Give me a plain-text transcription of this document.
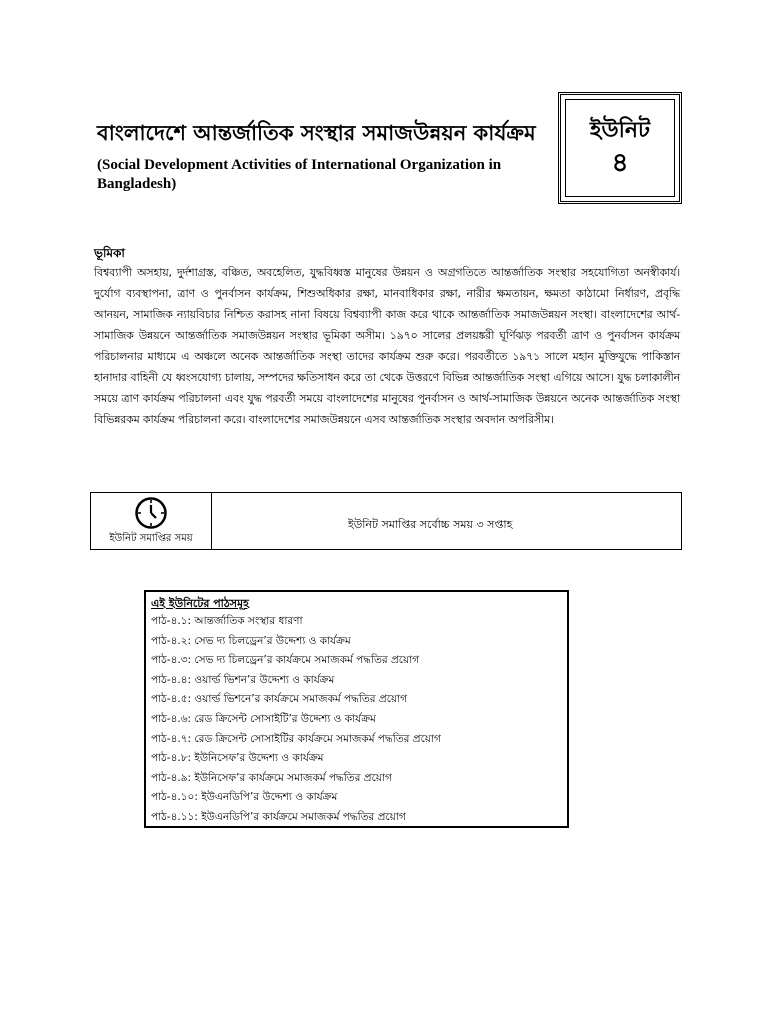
বাংলাদেশে আন্তর্জাতিক সংস্থার সমাজউন্নয়ন কার্যক্রম
(Social Development Activities of International Organization in Bangladesh)
ইউনিট
৪
ভূমিকা
বিশ্বব্যাপী অসহায়, দুর্দশাগ্রস্ত, বঞ্চিত, অবহেলিত, যুদ্ধবিধ্বস্ত মানুষের উন্নয়ন ও অগ্রগতিতে আন্তর্জাতিক সংস্থার সহযোগিতা অনস্বীকার্য। দুর্যোগ ব্যবস্থাপনা, ত্রাণ ও পুনর্বাসন কার্যক্রম, শিশুঅধিকার রক্ষা, মানবাধিকার রক্ষা, নারীর ক্ষমতায়ন, ক্ষমতা কাঠামো নির্ধারণ, প্রবৃদ্ধি আনয়ন, সামাজিক ন্যায়বিচার নিশ্চিত করাসহ নানা বিষয়ে বিশ্বব্যাপী কাজ করে থাকে আন্তর্জাতিক সমাজউন্নয়ন সংস্থা। বাংলাদেশের আর্থ-সামাজিক উন্নয়নে আন্তর্জাতিক সমাজউন্নয়ন সংস্থার ভূমিকা অসীম। ১৯৭০ সালের প্রলয়ঙ্করী ঘূর্ণিঝড় পরবর্তী ত্রাণ ও পুনর্বাসন কার্যক্রম পরিচালনার মাধ্যমে এ অঞ্চলে অনেক আন্তর্জাতিক সংস্থা তাদের কার্যক্রম শুরু করে। পরবর্তীতে ১৯৭১ সালে মহান মুক্তিযুদ্ধে পাকিস্তান হানাদার বাহিনী যে ধ্বংসযোগ্য চালায়, সম্পদের ক্ষতিসাধন করে তা থেকে উত্তরণে বিভিন্ন আন্তর্জাতিক সংস্থা এগিয়ে আসে। যুদ্ধ চলাকালীন সময়ে ত্রাণ কার্যক্রম পরিচালনা এবং যুদ্ধ পরবর্তী সময়ে বাংলাদেশের মানুষের পুনর্বাসন ও আর্থ-সামাজিক উন্নয়নে অনেক আন্তর্জাতিক সংস্থা বিভিন্নরকম কার্যক্রম পরিচালনা করে। বাংলাদেশের সমাজউন্নয়নে এসব আন্তর্জাতিক সংস্থার অবদান অপরিসীম।
ইউনিট সমাপ্তির সময়
ইউনিট সমাপ্তির সর্বোচ্চ সময় ৩ সপ্তাহ
এই ইউনিটের পাঠসমূহ
পাঠ-৪.১: আন্তর্জাতিক সংস্থার ধারণা
পাঠ-৪.২: সেভ দ্য চিলড্রেন’র উদ্দেশ্য ও কার্যক্রম
পাঠ-৪.৩: সেভ দ্য চিলড্রেন’র কার্যক্রমে সমাজকর্ম পদ্ধতির প্রয়োগ
পাঠ-৪.৪: ওয়ার্ল্ড ভিশন’র উদ্দেশ্য ও কার্যক্রম
পাঠ-৪.৫: ওয়ার্ল্ড ভিশনে’র কার্যক্রমে সমাজকর্ম পদ্ধতির প্রয়োগ
পাঠ-৪.৬: রেড ক্রিসেন্ট সোসাইটি’র উদ্দেশ্য ও কার্যক্রম
পাঠ-৪.৭: রেড ক্রিসেন্ট সোসাইটির কার্যক্রমে সমাজকর্ম পদ্ধতির প্রয়োগ
পাঠ-৪.৮: ইউনিসেফ’র উদ্দেশ্য ও কার্যক্রম
পাঠ-৪.৯: ইউনিসেফ’র কার্যক্রমে সমাজকর্ম পদ্ধতির প্রয়োগ
পাঠ-৪.১০: ইউএনডিপি’র উদ্দেশ্য ও কার্যক্রম
পাঠ-৪.১১: ইউএনডিপি’র কার্যক্রমে সমাজকর্ম পদ্ধতির প্রয়োগ
